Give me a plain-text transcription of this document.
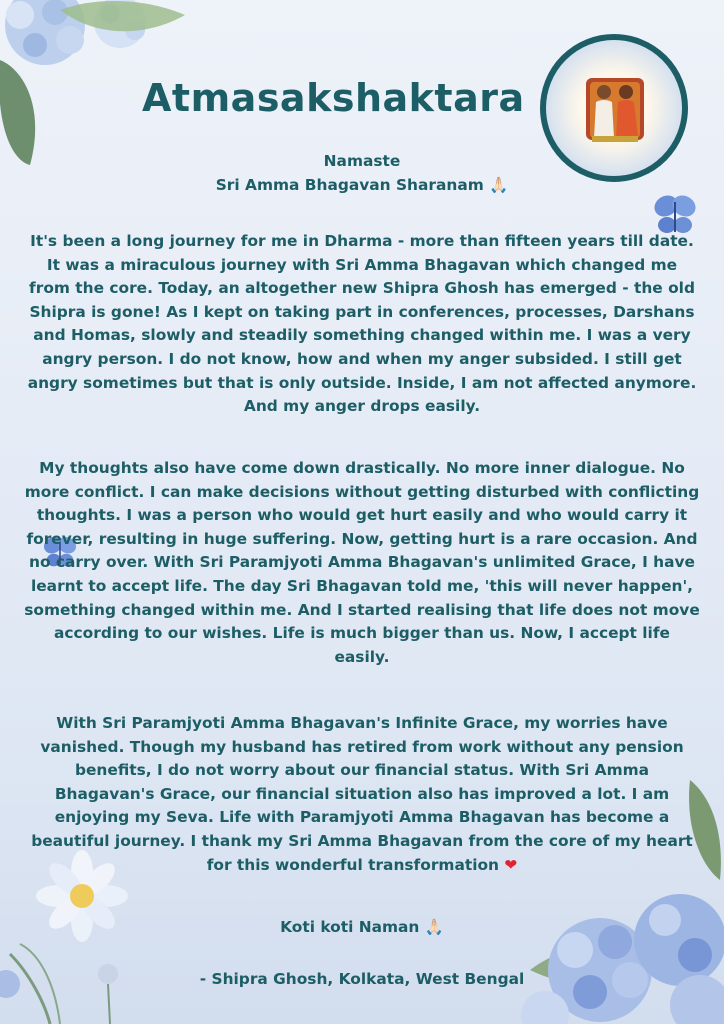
Atmasakshaktara

Namaste

Sri Amma Bhagavan Sharanam 🙏🏻

It's been a long journey for me in Dharma - more than fifteen years till date. It was a miraculous journey with Sri Amma Bhagavan which changed me from the core. Today, an altogether new Shipra Ghosh has emerged - the old Shipra is gone! As I kept on taking part in conferences, processes, Darshans and Homas, slowly and steadily something changed within me. I was a very angry person. I do not know, how and when my anger subsided. I still get angry sometimes but that is only outside. Inside, I am not affected anymore. And my anger drops easily.

My thoughts also have come down drastically. No more inner dialogue. No more conflict. I can make decisions without getting disturbed with conflicting thoughts. I was a person who would get hurt easily and who would carry it forever, resulting in huge suffering. Now, getting hurt is a rare occasion. And no carry over. With Sri Paramjyoti Amma Bhagavan's unlimited Grace, I have learnt to accept life. The day Sri Bhagavan told me, 'this will never happen', something changed within me. And I started realising that life does not move according to our wishes. Life is much bigger than us. Now, I accept life easily.

With Sri Paramjyoti Amma Bhagavan's Infinite Grace, my worries have vanished. Though my husband has retired from work without any pension benefits, I do not worry about our financial status. With Sri Amma Bhagavan's Grace, our financial situation also has improved a lot. I am enjoying my Seva. Life with Paramjyoti Amma Bhagavan has become a beautiful journey. I thank my Sri Amma Bhagavan from the core of my heart for this wonderful transformation ❤

Koti koti Naman 🙏🏻

- Shipra Ghosh, Kolkata, West Bengal
